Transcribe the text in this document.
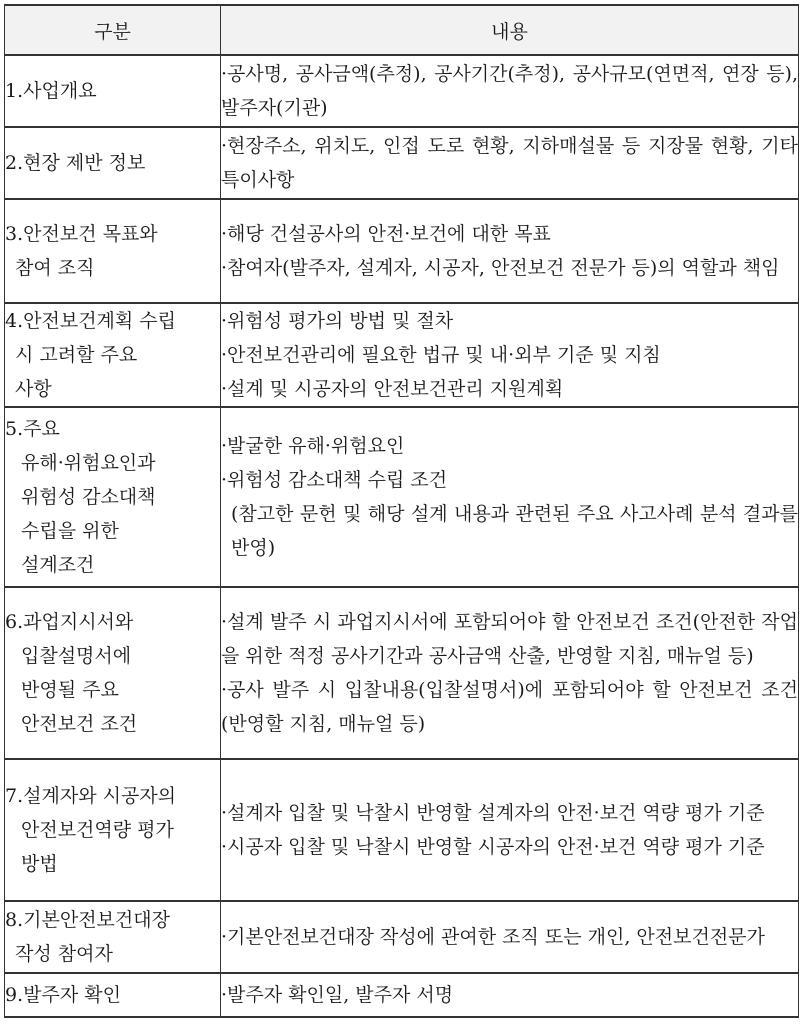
구분	내용
1.사업개요	·공사명, 공사금액(추정), 공사기간(추정), 공사규모(연면적, 연장 등), 발주자(기관)

2.현장 제반 정보	·현장주소, 위치도, 인접 도로 현황, 지하매설물 등 지장물 현황, 기타 특이사항

3.안전보건 목표와
참여 조직	·해당 건설공사의 안전·보건에 대한 목표
·참여자(발주자, 설계자, 시공자, 안전보건 전문가 등)의 역할과 책임

4.안전보건계획 수립
시 고려할 주요
사항	·위험성 평가의 방법 및 절차
·안전보건관리에 필요한 법규 및 내·외부 기준 및 지침
·설계 및 시공자의 안전보건관리 지원계획

5.주요
유해·위험요인과
위험성 감소대책
수립을 위한
설계조건	·발굴한 유해·위험요인
·위험성 감소대책 수립 조건
(참고한 문헌 및 해당 설계 내용과 관련된 주요 사고사례 분석 결과를 반영)

6.과업지시서와
입찰설명서에
반영될 주요
안전보건 조건	·설계 발주 시 과업지시서에 포함되어야 할 안전보건 조건(안전한 작업을 위한 적정 공사기간과 공사금액 산출, 반영할 지침, 매뉴얼 등)
·공사 발주 시 입찰내용(입찰설명서)에 포함되어야 할 안전보건 조건(반영할 지침, 매뉴얼 등)

7.설계자와 시공자의
안전보건역량 평가
방법	·설계자 입찰 및 낙찰시 반영할 설계자의 안전·보건 역량 평가 기준
·시공자 입찰 및 낙찰시 반영할 시공자의 안전·보건 역량 평가 기준

8.기본안전보건대장
작성 참여자	·기본안전보건대장 작성에 관여한 조직 또는 개인, 안전보건전문가

9.발주자 확인	·발주자 확인일, 발주자 서명
